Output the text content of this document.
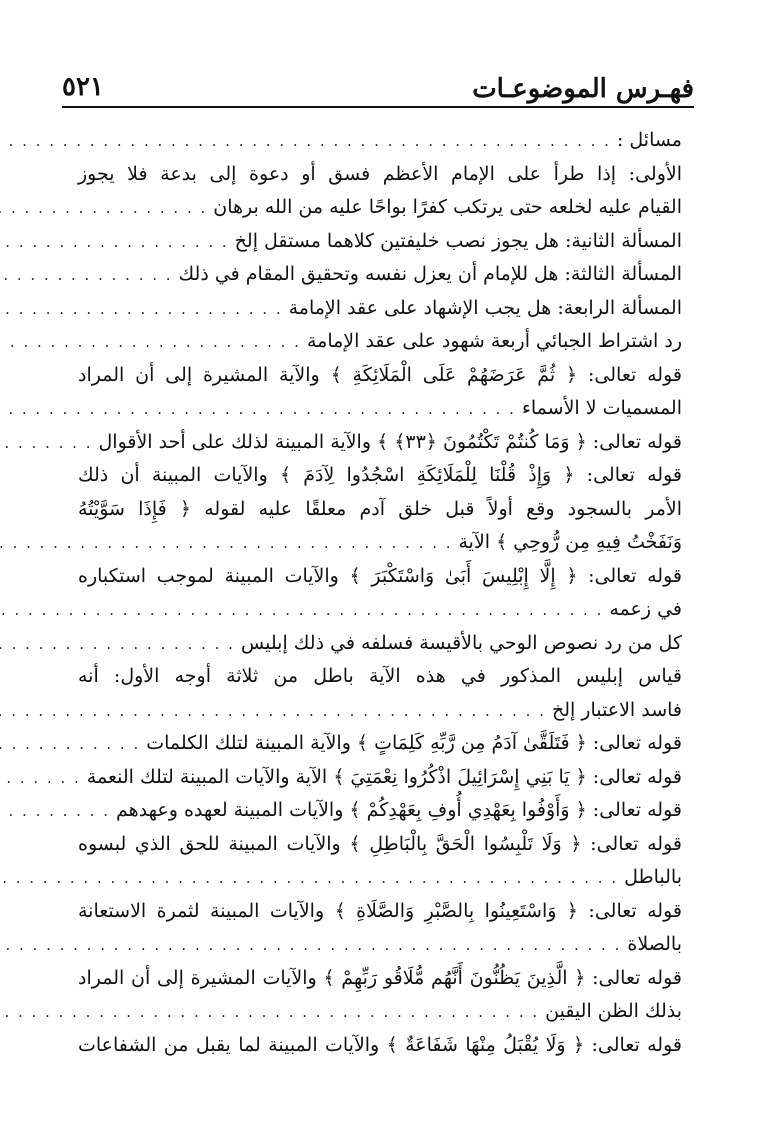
فهـرس الموضوعـات
٥٢١
مسائل :
. . .
الأولى: إذا طرأ على الإمام الأعظم فسق أو دعوة إلى بدعة فلا يجوز
القيام عليه لخلعه حتى يرتكب كفرًا بواحًا عليه من الله برهان
. . .
المسألة الثانية: هل يجوز نصب خليفتين كلاهما مستقل إلخ
. . .
المسألة الثالثة: هل للإمام أن يعزل نفسه وتحقيق المقام في ذلك
. . .
المسألة الرابعة: هل يجب الإشهاد على عقد الإمامة
. . .
رد اشتراط الجبائي أربعة شهود على عقد الإمامة
. . .
قوله تعالى: ﴿ ثُمَّ عَرَضَهُمْ عَلَى الْمَلَائِكَةِ ﴾ والآية المشيرة إلى أن المراد
المسميات لا الأسماء
. . .
قوله تعالى: ﴿ وَمَا كُنتُمْ تَكْتُمُونَ ﴿٣٣﴾ ﴾ والآية المبينة لذلك على أحد الأقوال
. . .
قوله تعالى: ﴿ وَإِذْ قُلْنَا لِلْمَلَائِكَةِ اسْجُدُوا لِآدَمَ ﴾ والآيات المبينة أن ذلك
الأمر بالسجود وقع أولاً قبل خلق آدم معلقًا عليه لقوله ﴿ فَإِذَا سَوَّيْتُهُ
وَنَفَخْتُ فِيهِ مِن رُّوحِي ﴾ الآية
. . .
قوله تعالى: ﴿ إِلَّا إِبْلِيسَ أَبَىٰ وَاسْتَكْبَرَ ﴾ والآيات المبينة لموجب استكباره
في زعمه
. . .
كل من رد نصوص الوحي بالأقيسة فسلفه في ذلك إبليس
. . .
قياس إبليس المذكور في هذه الآية باطل من ثلاثة أوجه الأول: أنه
فاسد الاعتبار إلخ
. . .
قوله تعالى: ﴿ فَتَلَقَّىٰ آدَمُ مِن رَّبِّهِ كَلِمَاتٍ ﴾ والآية المبينة لتلك الكلمات
. . .
قوله تعالى: ﴿ يَا بَنِي إِسْرَائِيلَ اذْكُرُوا نِعْمَتِيَ ﴾ الآية والآيات المبينة لتلك النعمة
. . .
قوله تعالى: ﴿ وَأَوْفُوا بِعَهْدِي أُوفِ بِعَهْدِكُمْ ﴾ والآيات المبينة لعهده وعهدهم
. . .
قوله تعالى: ﴿ وَلَا تَلْبِسُوا الْحَقَّ بِالْبَاطِلِ ﴾ والآيات المبينة للحق الذي لبسوه
بالباطل
. . .
قوله تعالى: ﴿ وَاسْتَعِينُوا بِالصَّبْرِ وَالصَّلَاةِ ﴾ والآيات المبينة لثمرة الاستعانة
بالصلاة
. . .
قوله تعالى: ﴿ الَّذِينَ يَظُنُّونَ أَنَّهُم مُّلَاقُو رَبِّهِمْ ﴾ والآيات المشيرة إلى أن المراد
بذلك الظن اليقين
. . .
قوله تعالى: ﴿ وَلَا يُقْبَلُ مِنْهَا شَفَاعَةٌ ﴾ والآيات المبينة لما يقبل من الشفاعات
